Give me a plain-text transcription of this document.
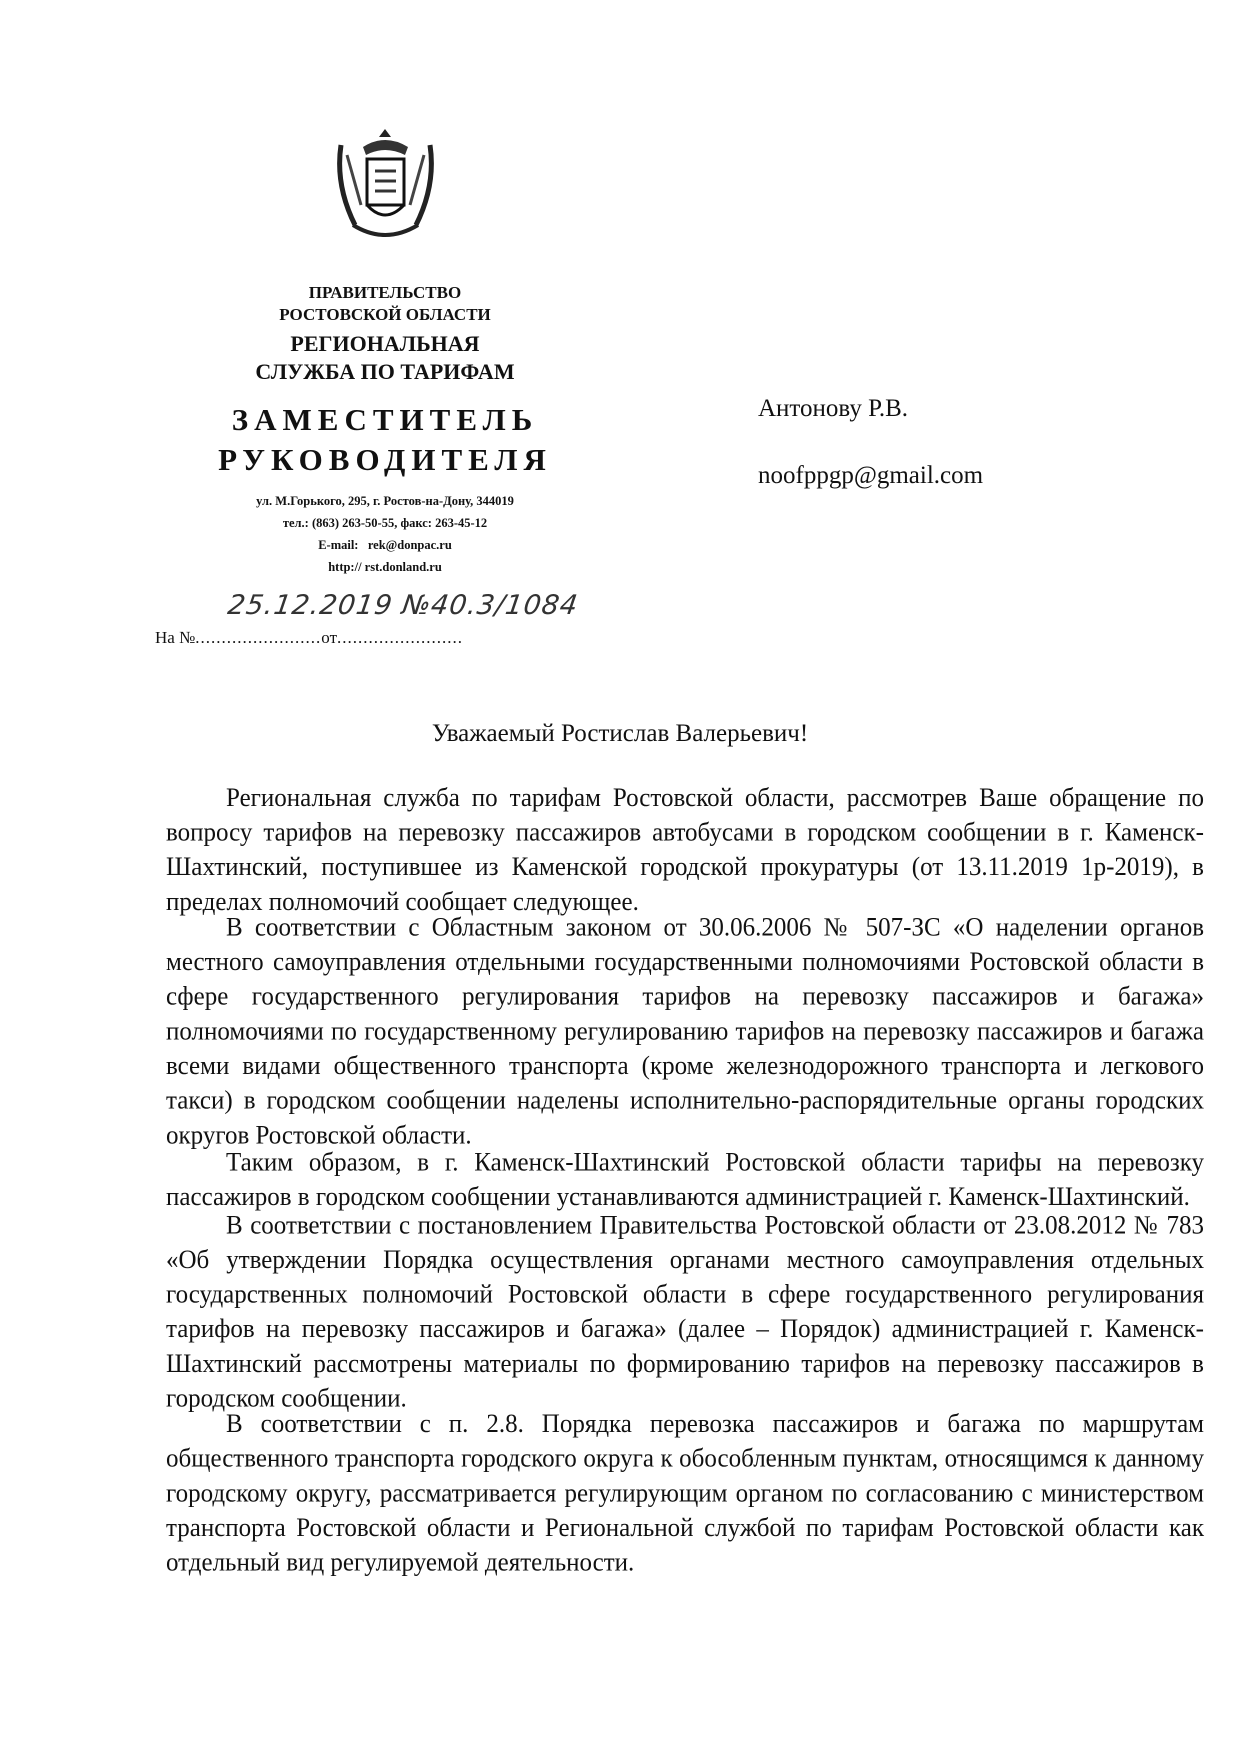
ПРАВИТЕЛЬСТВО
РОСТОВСКОЙ ОБЛАСТИ
РЕГИОНАЛЬНАЯ
СЛУЖБА ПО ТАРИФАМ
ЗАМЕСТИТЕЛЬ
РУКОВОДИТЕЛЯ
ул. М.Горького, 295, г. Ростов-на-Дону, 344019
тел.: (863) 263-50-55, факс: 263-45-12
E-mail:   rek@donpac.ru
http:// rst.donland.ru
25.12.2019 №40.3/1084
На №........................от........................
Антонову Р.В.
noofppgp@gmail.com
Уважаемый Ростислав Валерьевич!

Региональная служба по тарифам Ростовской области, рассмотрев Ваше обращение по вопросу тарифов на перевозку пассажиров автобусами в городском сообщении в г. Каменск-Шахтинский, поступившее из Каменской городской прокуратуры (от 13.11.2019 1р-2019), в пределах полномочий сообщает следующее.

В соответствии с Областным законом от 30.06.2006 № 507-ЗС «О наделении органов местного самоуправления отдельными государственными полномочиями Ростовской области в сфере государственного регулирования тарифов на перевозку пассажиров и багажа» полномочиями по государственному регулированию тарифов на перевозку пассажиров и багажа всеми видами общественного транспорта (кроме железнодорожного транспорта и легкового такси) в городском сообщении наделены исполнительно-распорядительные органы городских округов Ростовской области.

Таким образом, в г. Каменск-Шахтинский Ростовской области тарифы на перевозку пассажиров в городском сообщении устанавливаются администрацией г. Каменск-Шахтинский.

В соответствии с постановлением Правительства Ростовской области от 23.08.2012 № 783 «Об утверждении Порядка осуществления органами местного самоуправления отдельных государственных полномочий Ростовской области в сфере государственного регулирования тарифов на перевозку пассажиров и багажа» (далее – Порядок) администрацией г. Каменск-Шахтинский рассмотрены материалы по формированию тарифов на перевозку пассажиров в городском сообщении.

В соответствии с п. 2.8. Порядка перевозка пассажиров и багажа по маршрутам общественного транспорта городского округа к обособленным пунктам, относящимся к данному городскому округу, рассматривается регулирующим органом по согласованию с министерством транспорта Ростовской области и Региональной службой по тарифам Ростовской области как отдельный вид регулируемой деятельности.
